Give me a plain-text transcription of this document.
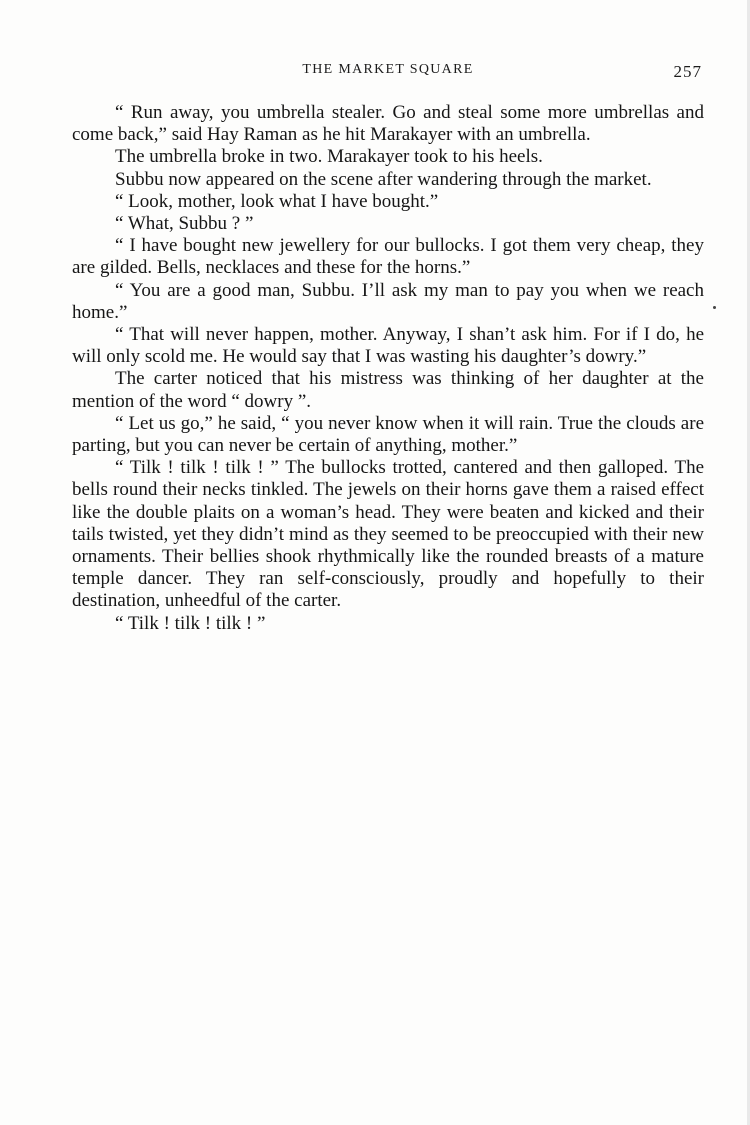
THE MARKET SQUARE	257

“ Run away, you umbrella stealer. Go and steal some more umbrellas and come back,” said Hay Raman as he hit Marakayer with an umbrella.

The umbrella broke in two. Marakayer took to his heels.

Subbu now appeared on the scene after wandering through the market.

“ Look, mother, look what I have bought.”

“ What, Subbu ? ”

“ I have bought new jewellery for our bullocks. I got them very cheap, they are gilded. Bells, necklaces and these for the horns.”

“ You are a good man, Subbu. I’ll ask my man to pay you when we reach home.”

“ That will never happen, mother. Anyway, I shan’t ask him. For if I do, he will only scold me. He would say that I was wasting his daughter’s dowry.”

The carter noticed that his mistress was thinking of her daughter at the mention of the word “ dowry ”.

“ Let us go,” he said, “ you never know when it will rain. True the clouds are parting, but you can never be certain of anything, mother.”

“ Tilk ! tilk ! tilk ! ” The bullocks trotted, cantered and then galloped. The bells round their necks tinkled. The jewels on their horns gave them a raised effect like the double plaits on a woman’s head. They were beaten and kicked and their tails twisted, yet they didn’t mind as they seemed to be preoccupied with their new ornaments. Their bellies shook rhythmically like the rounded breasts of a mature temple dancer. They ran self-consciously, proudly and hopefully to their destination, unheedful of the carter.

“ Tilk ! tilk ! tilk ! ”
